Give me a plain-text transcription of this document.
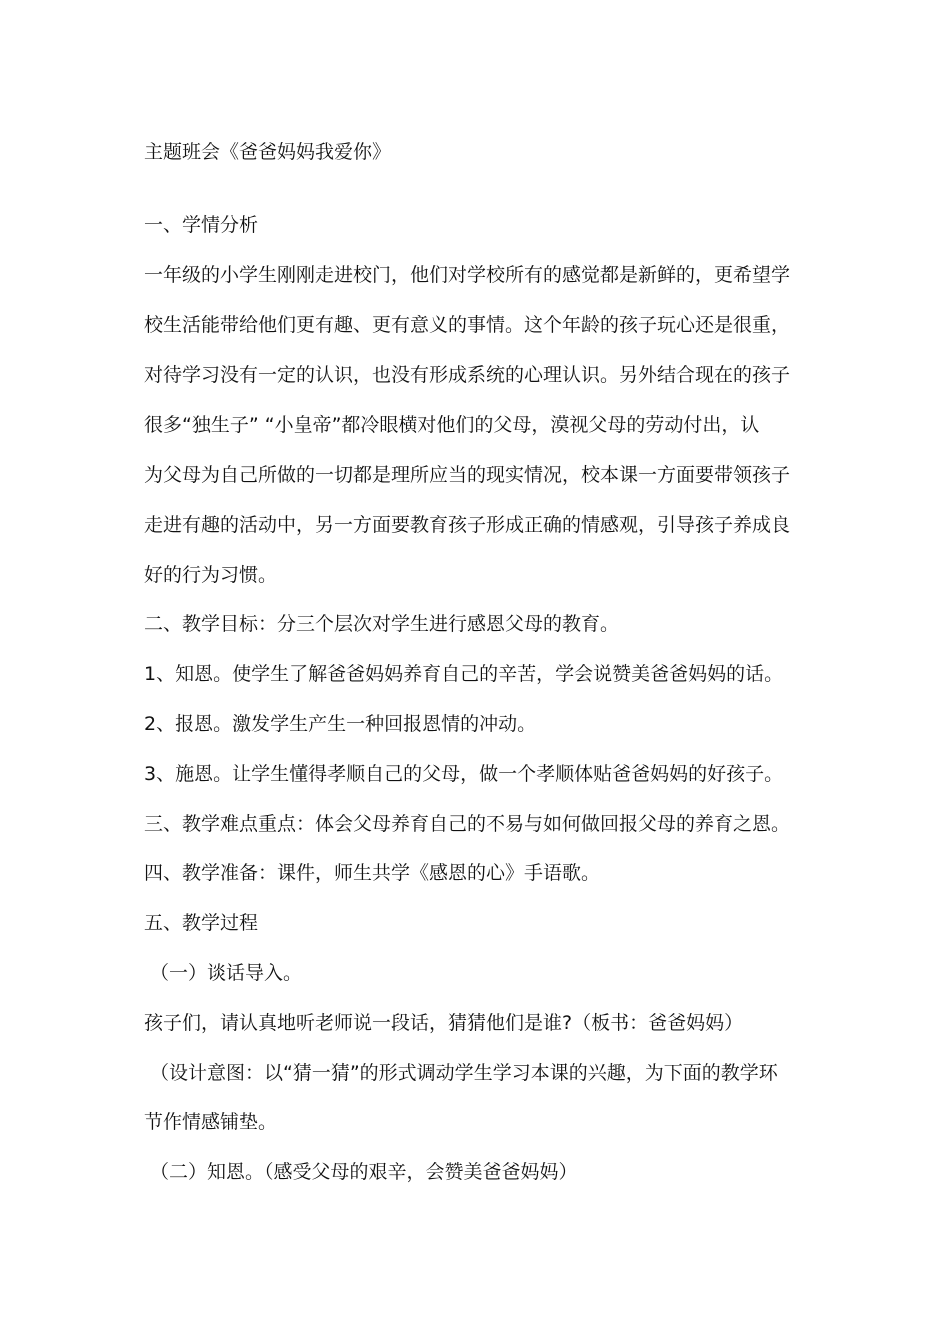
主题班会《爸爸妈妈我爱你》
一、学情分析
一年级的小学生刚刚走进校门，他们对学校所有的感觉都是新鲜的，更希望学
校生活能带给他们更有趣、更有意义的事情。这个年龄的孩子玩心还是很重，
对待学习没有一定的认识，也没有形成系统的心理认识。另外结合现在的孩子
很多“独生子” “小皇帝”都冷眼横对他们的父母，漠视父母的劳动付出，认
为父母为自己所做的一切都是理所应当的现实情况，校本课一方面要带领孩子
走进有趣的活动中，另一方面要教育孩子形成正确的情感观，引导孩子养成良
好的行为习惯。
二、教学目标：分三个层次对学生进行感恩父母的教育。
1、知恩。使学生了解爸爸妈妈养育自己的辛苦，学会说赞美爸爸妈妈的话。
2、报恩。激发学生产生一种回报恩情的冲动。
3、施恩。让学生懂得孝顺自己的父母，做一个孝顺体贴爸爸妈妈的好孩子。
三、教学难点重点：体会父母养育自己的不易与如何做回报父母的养育之恩。
四、教学准备：课件，师生共学《感恩的心》手语歌。
五、教学过程
（一）谈话导入。
孩子们，请认真地听老师说一段话，猜猜他们是谁?（板书：爸爸妈妈）
（设计意图：以“猜一猜”的形式调动学生学习本课的兴趣，为下面的教学环
节作情感铺垫。
（二）知恩。（感受父母的艰辛，会赞美爸爸妈妈）
